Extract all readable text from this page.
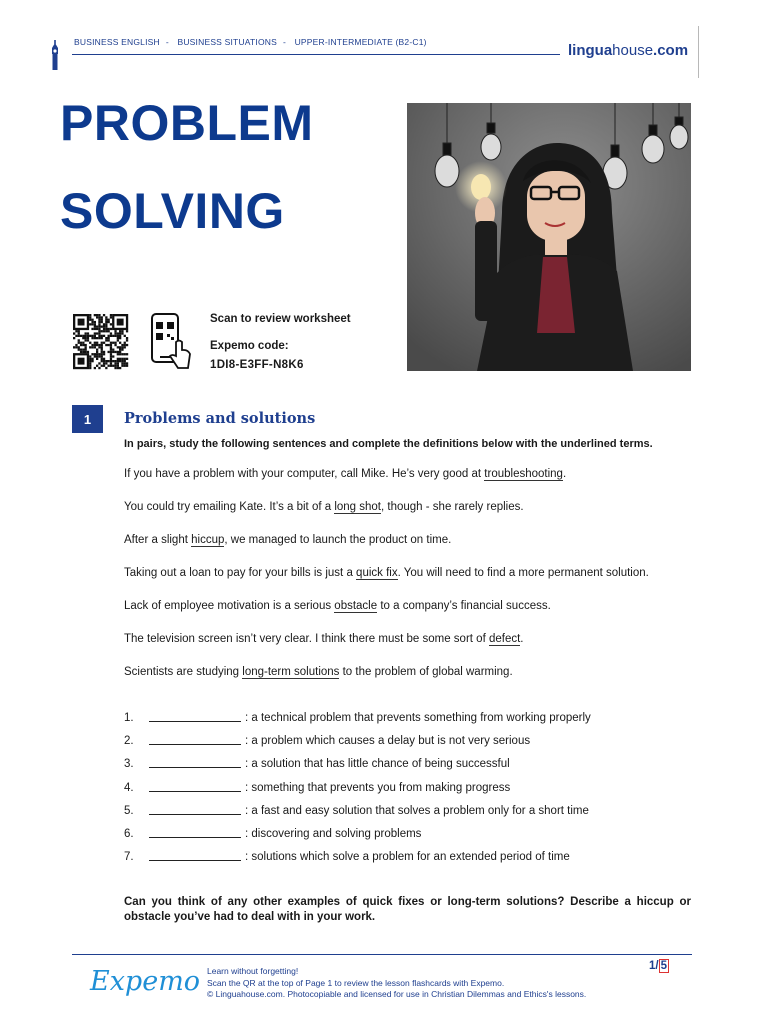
BUSINESS ENGLISH - BUSINESS SITUATIONS - UPPER-INTERMEDIATE (B2-C1)	linguahouse.com
PROBLEM
SOLVING
Scan to review worksheet
Expemo code:
1DI8-E3FF-N8K6
1	Problems and solutions
In pairs, study the following sentences and complete the definitions below with the underlined terms.
If you have a problem with your computer, call Mike. He’s very good at troubleshooting.
You could try emailing Kate. It’s a bit of a long shot, though - she rarely replies.
After a slight hiccup, we managed to launch the product on time.
Taking out a loan to pay for your bills is just a quick fix. You will need to find a more permanent solution.
Lack of employee motivation is a serious obstacle to a company’s financial success.
The television screen isn’t very clear. I think there must be some sort of defect.
Scientists are studying long-term solutions to the problem of global warming.
1.	: a technical problem that prevents something from working properly
2.	: a problem which causes a delay but is not very serious
3.	: a solution that has little chance of being successful
4.	: something that prevents you from making progress
5.	: a fast and easy solution that solves a problem only for a short time
6.	: discovering and solving problems
7.	: solutions which solve a problem for an extended period of time
Can you think of any other examples of quick fixes or long-term solutions? Describe a hiccup or obstacle you’ve had to deal with in your work.
Expemo Learn without forgetting!
Scan the QR at the top of Page 1 to review the lesson flashcards with Expemo.
© Linguahouse.com. Photocopiable and licensed for use in Christian Dilemmas and Ethics's lessons.
1/ 5
